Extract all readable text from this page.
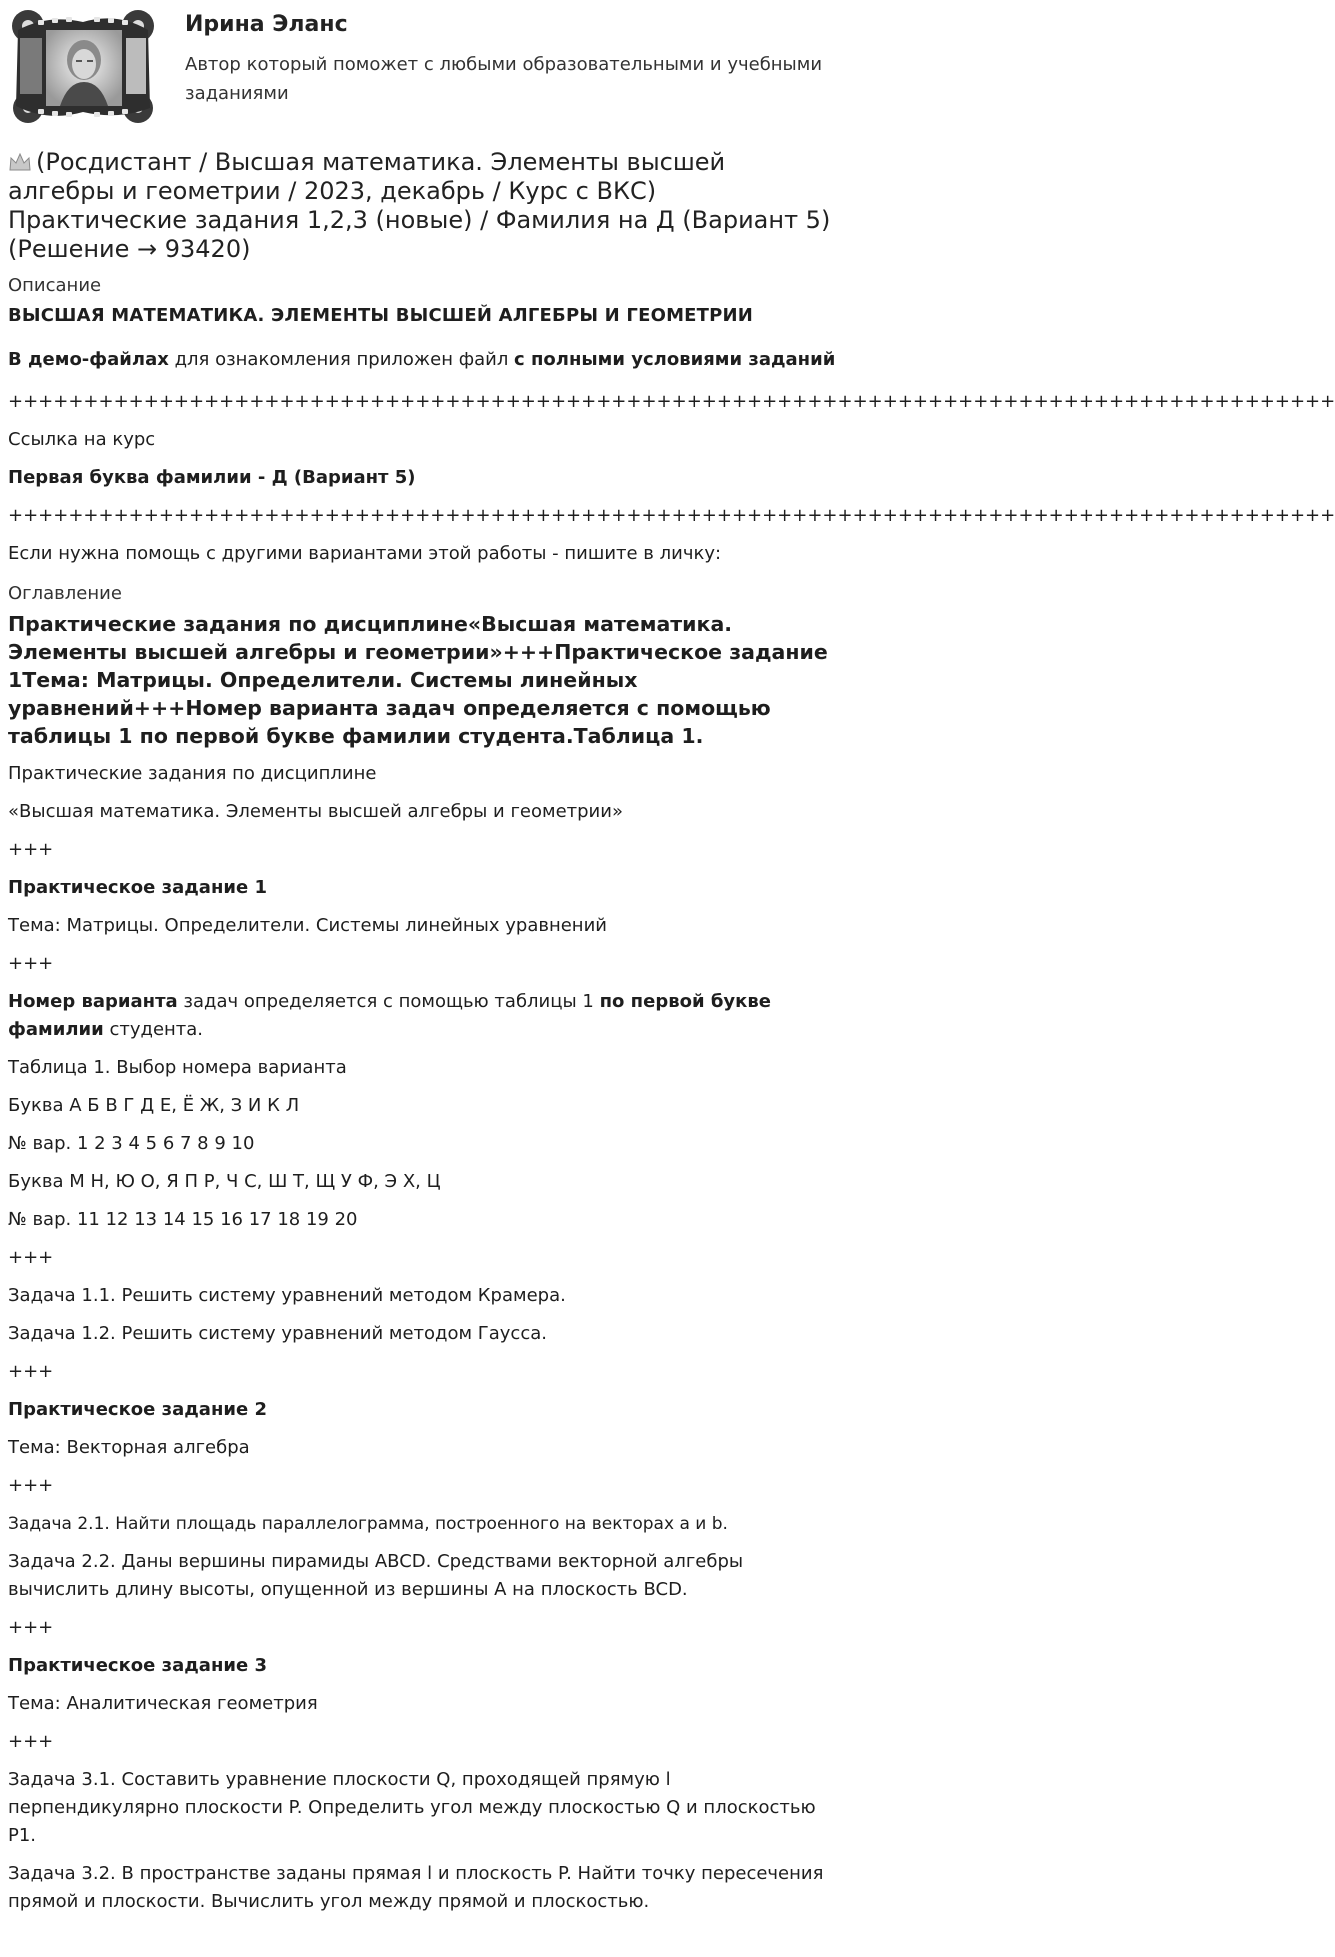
Ирина Эланс
Автор который поможет с любыми образовательными и учебными заданиями
(Росдистант / Высшая математика. Элементы высшей алгебры и геометрии / 2023, декабрь / Курс с ВКС) Практические задания 1,2,3 (новые) / Фамилия на Д (Вариант 5) (Решение → 93420)
Описание
ВЫСШАЯ МАТЕМАТИКА. ЭЛЕМЕНТЫ ВЫСШЕЙ АЛГЕБРЫ И ГЕОМЕТРИИ
В демо-файлах для ознакомления приложен файл с полными условиями заданий
++++++++++++++++++++++++++++++++++++++++++++++++++++++++++++++++++++++++++++++++++++++++
Ссылка на курс
Первая буква фамилии - Д (Вариант 5)
++++++++++++++++++++++++++++++++++++++++++++++++++++++++++++++++++++++++++++++++++++++++
Если нужна помощь с другими вариантами этой работы - пишите в личку:
Оглавление
Практические задания по дисциплине«Высшая математика. Элементы высшей алгебры и геометрии»+++Практическое задание 1Тема: Матрицы. Определители. Системы линейных уравнений+++Номер варианта задач определяется с помощью таблицы 1 по первой букве фамилии студента.Таблица 1.
Практические задания по дисциплине
«Высшая математика. Элементы высшей алгебры и геометрии»
+++
Практическое задание 1
Тема: Матрицы. Определители. Системы линейных уравнений
+++
Номер варианта задач определяется с помощью таблицы 1 по первой букве фамилии студента.
Таблица 1. Выбор номера варианта
Буква А Б В Г Д Е, Ё Ж, З И К Л
№ вар. 1 2 3 4 5 6 7 8 9 10
Буква М Н, Ю О, Я П Р, Ч С, Ш Т, Щ У Ф, Э Х, Ц
№ вар. 11 12 13 14 15 16 17 18 19 20
+++
Задача 1.1. Решить систему уравнений методом Крамера.
Задача 1.2. Решить систему уравнений методом Гаусса.
+++
Практическое задание 2
Тема: Векторная алгебра
+++
Задача 2.1. Найти площадь параллелограмма, построенного на векторах a и b.
Задача 2.2. Даны вершины пирамиды ABCD. Средствами векторной алгебры вычислить длину высоты, опущенной из вершины А на плоскость BCD.
+++
Практическое задание 3
Тема: Аналитическая геометрия
+++
Задача 3.1. Составить уравнение плоскости Q, проходящей прямую l перпендикулярно плоскости P. Определить угол между плоскостью Q и плоскостью P1.
Задача 3.2. В пространстве заданы прямая l и плоскость P. Найти точку пересечения прямой и плоскости. Вычислить угол между прямой и плоскостью.
